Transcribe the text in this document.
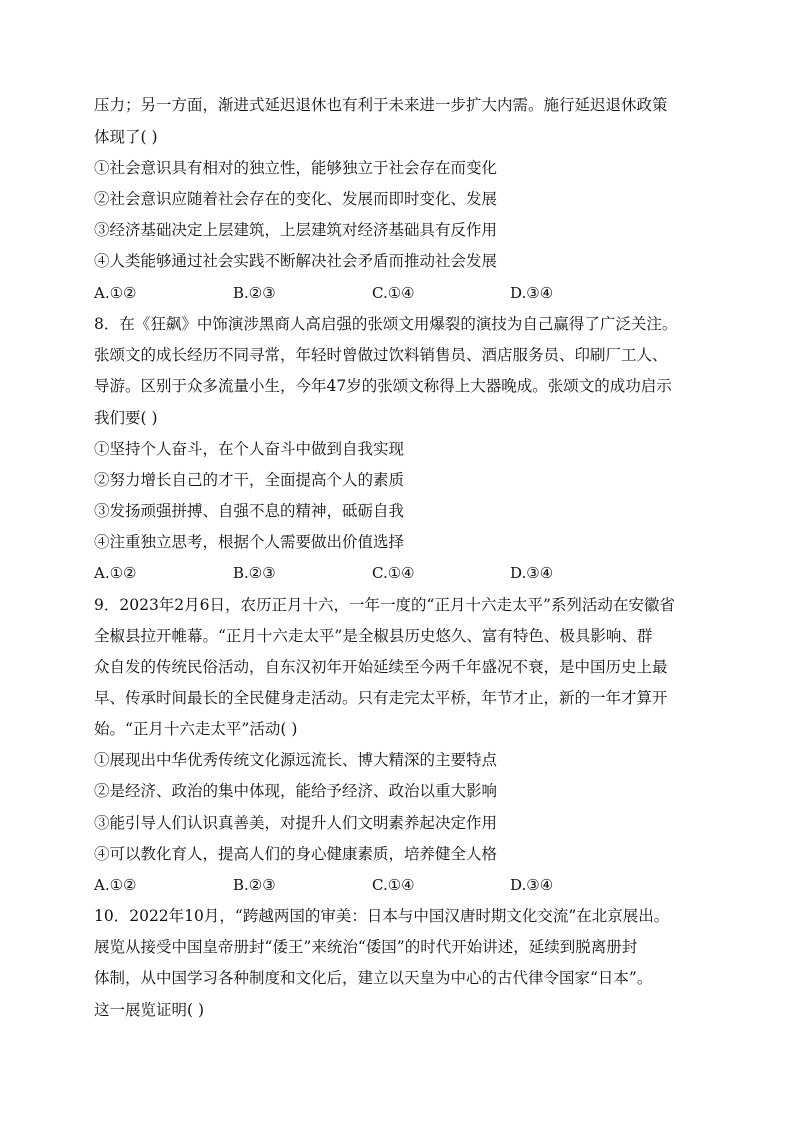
压力；另一方面，渐进式延迟退休也有利于未来进一步扩大内需。施行延迟退休政策
体现了( )
①社会意识具有相对的独立性，能够独立于社会存在而变化
②社会意识应随着社会存在的变化、发展而即时变化、发展
③经济基础决定上层建筑，上层建筑对经济基础具有反作用
④人类能够通过社会实践不断解决社会矛盾而推动社会发展
A.①②	B.②③	C.①④	D.③④
8．在《狂飙》中饰演涉黑商人高启强的张颂文用爆裂的演技为自己赢得了广泛关注。
张颂文的成长经历不同寻常，年轻时曾做过饮料销售员、酒店服务员、印刷厂工人、
导游。区别于众多流量小生，今年47岁的张颂文称得上大器晚成。张颂文的成功启示
我们要( )
①坚持个人奋斗，在个人奋斗中做到自我实现
②努力增长自己的才干，全面提高个人的素质
③发扬顽强拼搏、自强不息的精神，砥砺自我
④注重独立思考，根据个人需要做出价值选择
A.①②	B.②③	C.①④	D.③④
9．2023年2月6日，农历正月十六，一年一度的“正月十六走太平”系列活动在安徽省
全椒县拉开帷幕。“正月十六走太平”是全椒县历史悠久、富有特色、极具影响、群
众自发的传统民俗活动，自东汉初年开始延续至今两千年盛况不衰，是中国历史上最
早、传承时间最长的全民健身走活动。只有走完太平桥，年节才止，新的一年才算开
始。“正月十六走太平”活动( )
①展现出中华优秀传统文化源远流长、博大精深的主要特点
②是经济、政治的集中体现，能给予经济、政治以重大影响
③能引导人们认识真善美，对提升人们文明素养起决定作用
④可以教化育人，提高人们的身心健康素质，培养健全人格
A.①②	B.②③	C.①④	D.③④
10．2022年10月，“跨越两国的审美：日本与中国汉唐时期文化交流”在北京展出。
展览从接受中国皇帝册封“倭王”来统治“倭国”的时代开始讲述，延续到脱离册封
体制，从中国学习各种制度和文化后，建立以天皇为中心的古代律令国家“日本”。
这一展览证明( )
